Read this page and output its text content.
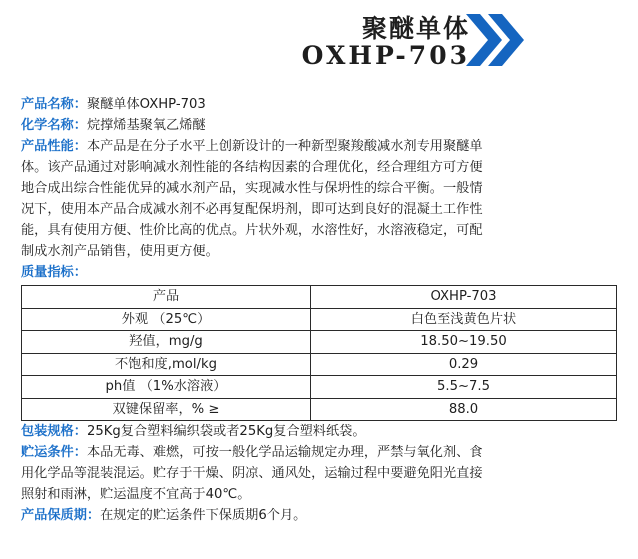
聚醚单体
OXHP-703
产品名称：聚醚单体OXHP-703
化学名称：烷撑烯基聚氧乙烯醚
产品性能：本产品是在分子水平上创新设计的一种新型聚羧酸减水剂专用聚醚单
体。该产品通过对影响减水剂性能的各结构因素的合理优化，经合理组方可方便
地合成出综合性能优异的减水剂产品，实现减水性与保坍性的综合平衡。一般情
况下，使用本产品合成减水剂不必再复配保坍剂，即可达到良好的混凝土工作性
能，具有使用方便、性价比高的优点。片状外观，水溶性好，水溶液稳定，可配
制成水剂产品销售，使用更方便。
质量指标：
产品	OXHP-703
外观 （25℃）	白色至浅黄色片状
羟值，mg/g	18.50~19.50
不饱和度,mol/kg	0.29
ph值 （1%水溶液）	5.5~7.5
双键保留率，% ≥	88.0
包装规格：25Kg复合塑料编织袋或者25Kg复合塑料纸袋。
贮运条件：本品无毒、难燃，可按一般化学品运输规定办理，严禁与氧化剂、食
用化学品等混装混运。贮存于干燥、阴凉、通风处，运输过程中要避免阳光直接
照射和雨淋，贮运温度不宜高于40℃。
产品保质期：在规定的贮运条件下保质期6个月。
